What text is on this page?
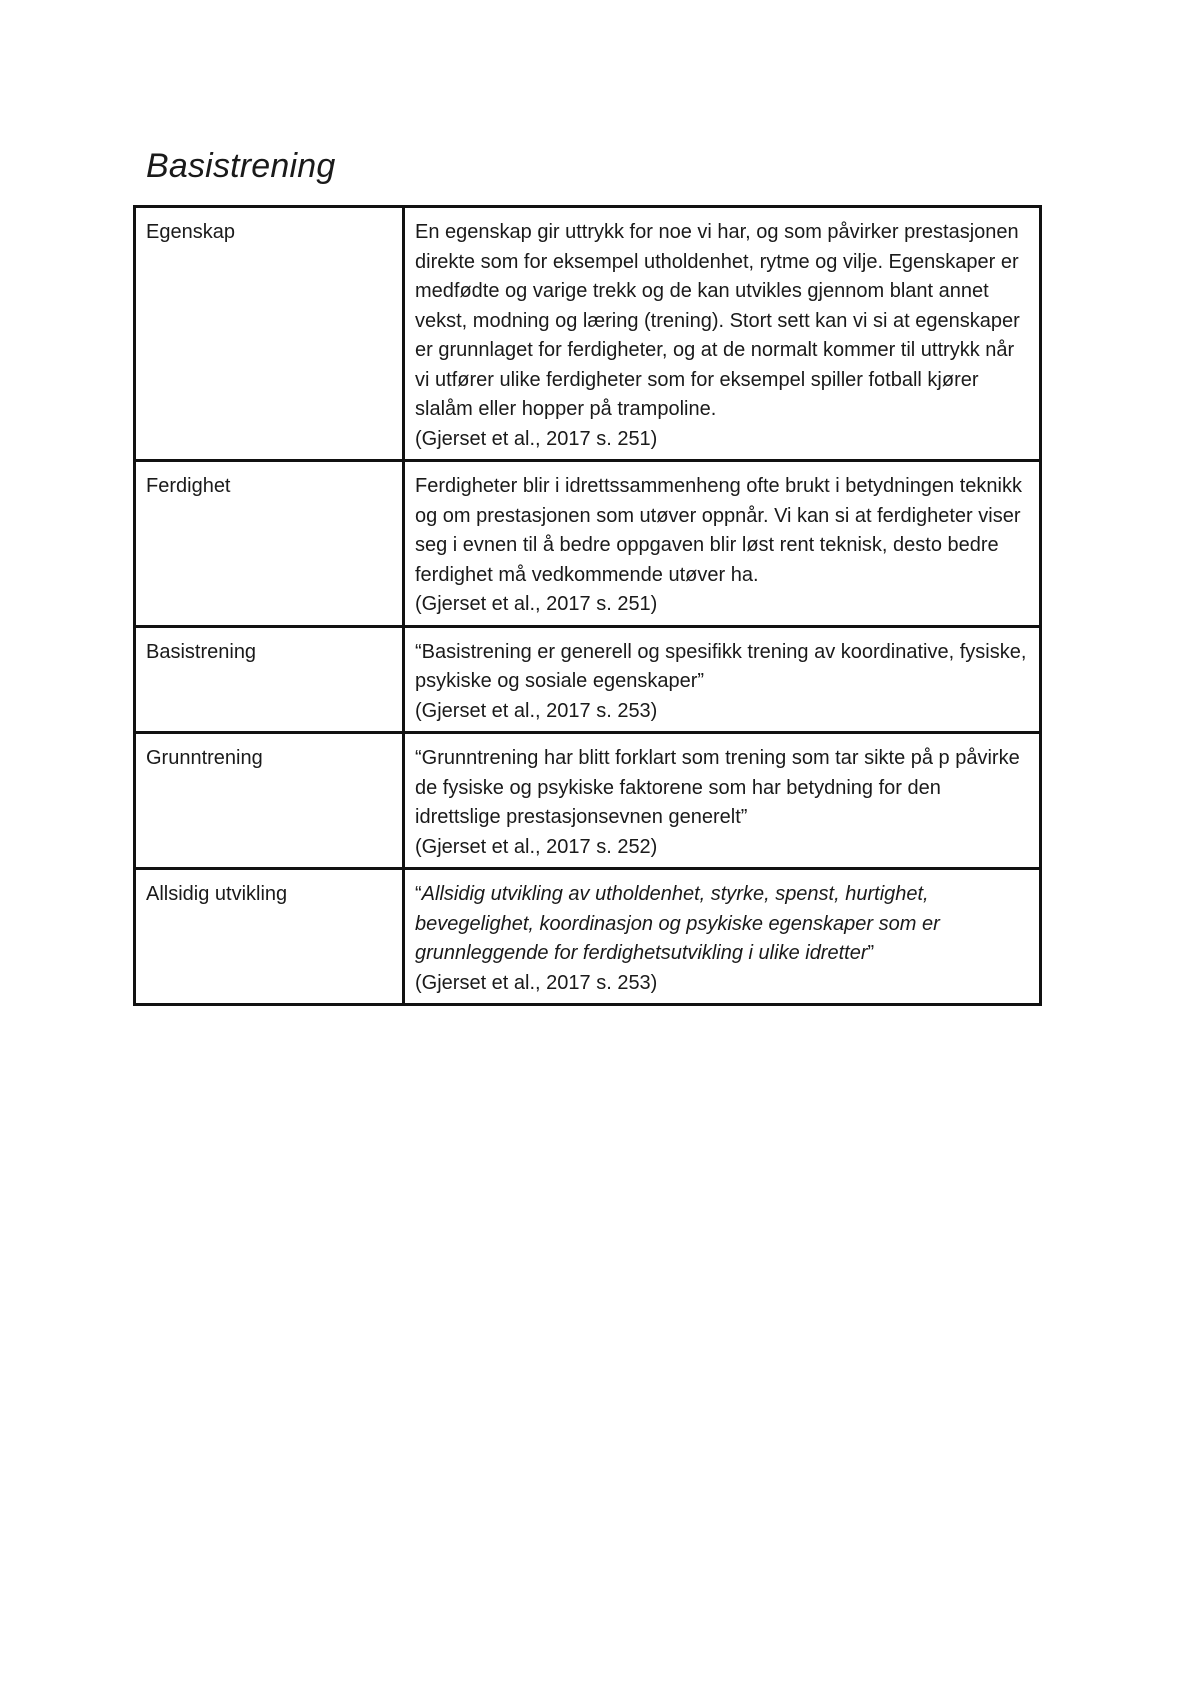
Basistrening
Egenskap	En egenskap gir uttrykk for noe vi har, og som påvirker prestasjonen direkte som for eksempel utholdenhet, rytme og vilje. Egenskaper er medfødte og varige trekk og de kan utvikles gjennom blant annet vekst, modning og læring (trening). Stort sett kan vi si at egenskaper er grunnlaget for ferdigheter, og at de normalt kommer til uttrykk når vi utfører ulike ferdigheter som for eksempel spiller fotball kjører slalåm eller hopper på trampoline.
(Gjerset et al., 2017 s. 251)

Ferdighet	Ferdigheter blir i idrettssammenheng ofte brukt i betydningen teknikk og om prestasjonen som utøver oppnår. Vi kan si at ferdigheter viser seg i evnen til å bedre oppgaven blir løst rent teknisk, desto bedre ferdighet må vedkommende utøver ha.
(Gjerset et al., 2017 s. 251)

Basistrening	“Basistrening er generell og spesifikk trening av koordinative, fysiske, psykiske og sosiale egenskaper”
(Gjerset et al., 2017 s. 253)

Grunntrening	“Grunntrening har blitt forklart som trening som tar sikte på p påvirke de fysiske og psykiske faktorene som har betydning for den idrettslige prestasjonsevnen generelt”
(Gjerset et al., 2017 s. 252)

Allsidig utvikling	“Allsidig utvikling av utholdenhet, styrke, spenst, hurtighet, bevegelighet, koordinasjon og psykiske egenskaper som er grunnleggende for ferdighetsutvikling i ulike idretter”
(Gjerset et al., 2017 s. 253)
